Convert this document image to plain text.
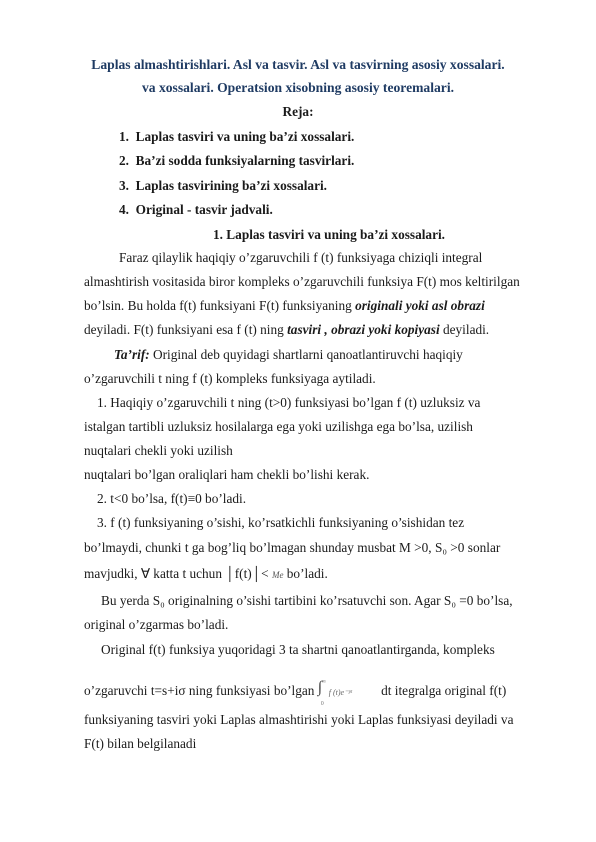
Laplas almashtirishlari. Asl va tasvir. Asl va tasvirning asosiy xossalari.
va xossalari. Operatsion xisobning asosiy teoremalari.
Reja:
1. Laplas tasviri va uning ba’zi xossalari.
2. Ba’zi sodda funksiyalarning tasvirlari.
3. Laplas tasvirining ba’zi xossalari.
4. Original - tasvir jadvali.
1. Laplas tasviri va uning ba’zi xossalari.
Faraz qilaylik haqiqiy o’zgaruvchili f (t) funksiyaga chiziqli integral
almashtirish vositasida biror kompleks o’zgaruvchili funksiya F(t) mos keltirilgan
bo’lsin. Bu holda f(t) funksiyani F(t) funksiyaning originali yoki asl obrazi
deyiladi. F(t) funksiyani esa f (t) ning tasviri , obrazi yoki kopiyasi deyiladi.
Ta’rif: Original deb quyidagi shartlarni qanoatlantiruvchi haqiqiy
o’zgaruvchili t ning f (t) kompleks funksiyaga aytiladi.
1. Haqiqiy o’zgaruvchili t ning (t>0) funksiyasi bo’lgan f (t) uzluksiz va
istalgan tartibli uzluksiz hosilalarga ega yoki uzilishga ega bo’lsa, uzilish
nuqtalari chekli yoki uzilish
nuqtalari bo’lgan oraliqlari ham chekli bo’lishi kerak.
2. t<0 bo’lsa, f(t)≡0 bo’ladi.
3. f (t) funksiyaning o’sishi, ko’rsatkichli funksiyaning o’sishidan tez
bo’lmaydi, chunki t ga bog’liq bo’lmagan shunday musbat M >0, S₀ >0 sonlar
mavjudki, ∀ katta t uchun │f(t)│< Me bo’ladi.
Bu yerda S₀ originalning o’sishi tartibini ko’rsatuvchi son. Agar S₀ =0 bo’lsa,
original o’zgarmas bo’ladi.
Original f(t) funksiya yuqoridagi 3 ta shartni qanoatlantirganda, kompleks
o’zgaruvchi t=s+iσ ning funksiyasi bo’lgan
∞
∫
0
f (t)e⁻ᵖᵗ dt itegralga original f(t)
funksiyaning tasviri yoki Laplas almashtirishi yoki Laplas funksiyasi deyiladi va
F(t) bilan belgilanadi
